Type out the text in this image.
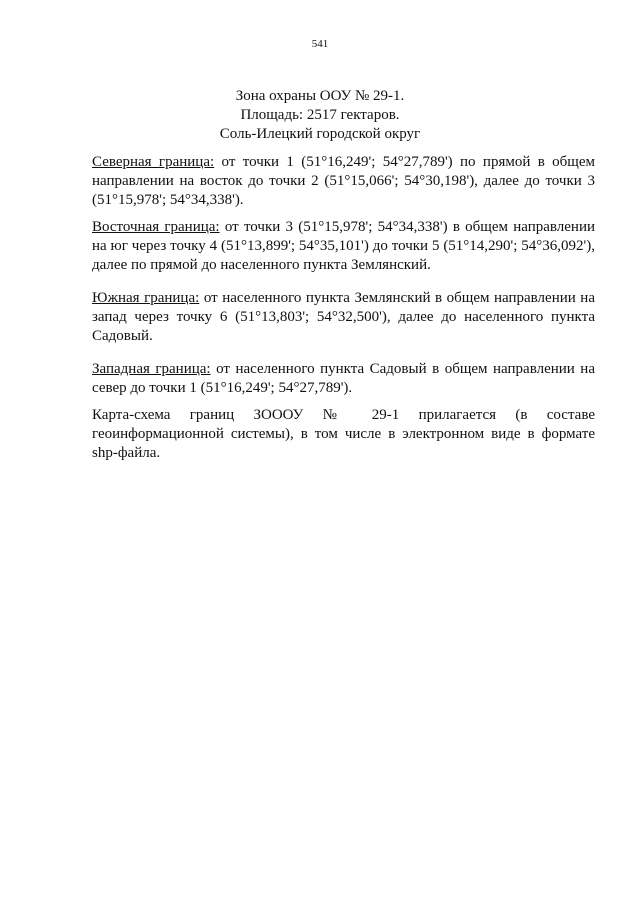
541
Зона охраны ООУ № 29-1.
Площадь: 2517 гектаров.
Соль-Илецкий городской округ
Северная граница: от точки 1 (51°16,249'; 54°27,789') по прямой в общем направлении на восток до точки 2 (51°15,066'; 54°30,198'), далее до точки 3 (51°15,978'; 54°34,338').
Восточная граница: от точки 3 (51°15,978'; 54°34,338') в общем направлении на юг через точку 4 (51°13,899'; 54°35,101') до точки 5 (51°14,290'; 54°36,092'), далее по прямой до населенного пункта Землянский.
Южная граница: от населенного пункта Землянский в общем направлении на запад через точку 6 (51°13,803'; 54°32,500'), далее до населенного пункта Садовый.
Западная граница: от населенного пункта Садовый в общем направлении на север до точки 1 (51°16,249'; 54°27,789').
Карта-схема границ ЗОООУ № 29-1 прилагается (в составе геоинформационной системы), в том числе в электронном виде в формате shp-файла.
